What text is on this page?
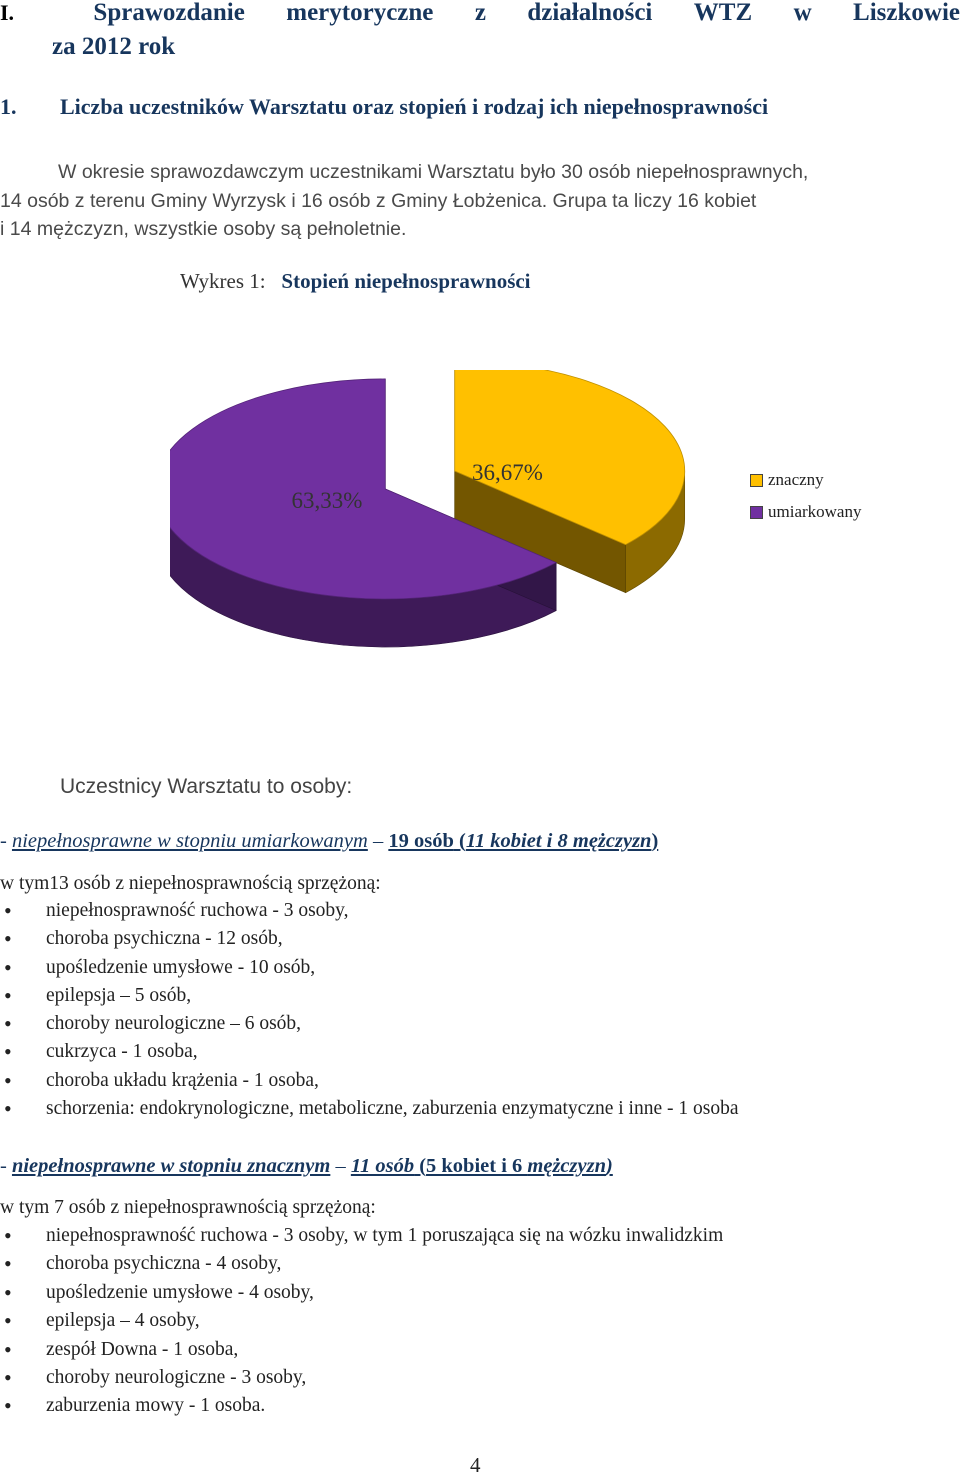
I.	Sprawozdanie merytoryczne z działalności WTZ w Liszkowie
za 2012 rok
1. Liczba uczestników Warsztatu oraz stopień i rodzaj ich niepełnosprawności
W okresie sprawozdawczym uczestnikami Warsztatu było 30 osób niepełnosprawnych,
14 osób z terenu Gminy Wyrzysk i 16 osób z Gminy Łobżenica. Grupa ta liczy 16 kobiet
i 14 mężczyzn, wszystkie osoby są pełnoletnie.
Wykres 1: Stopień niepełnosprawności
36,67%
63,33%
znaczny
umiarkowany
Uczestnicy Warsztatu to osoby:
- niepełnosprawne w stopniu umiarkowanym – 19 osób (11 kobiet i 8 mężczyzn)
w tym13 osób z niepełnosprawnością sprzężoną:
• niepełnosprawność ruchowa - 3 osoby,
• choroba psychiczna - 12 osób,
• upośledzenie umysłowe - 10 osób,
• epilepsja – 5 osób,
• choroby neurologiczne – 6 osób,
• cukrzyca - 1 osoba,
• choroba układu krążenia - 1 osoba,
• schorzenia: endokrynologiczne, metaboliczne, zaburzenia enzymatyczne i inne - 1 osoba
- niepełnosprawne w stopniu znacznym – 11 osób (5 kobiet i 6 mężczyzn)
w tym 7 osób z niepełnosprawnością sprzężoną:
• niepełnosprawność ruchowa - 3 osoby, w tym 1 poruszająca się na wózku inwalidzkim
• choroba psychiczna - 4 osoby,
• upośledzenie umysłowe - 4 osoby,
• epilepsja – 4 osoby,
• zespół Downa - 1 osoba,
• choroby neurologiczne - 3 osoby,
• zaburzenia mowy - 1 osoba.
4
